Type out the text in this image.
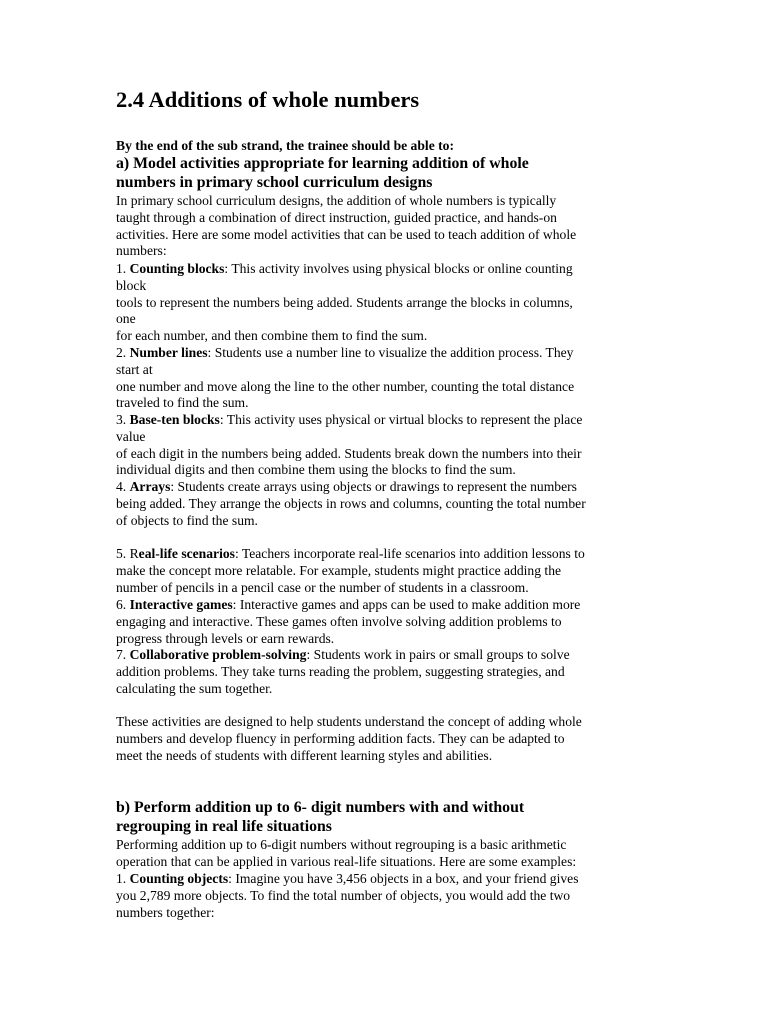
2.4 Additions of whole numbers

By the end of the sub strand, the trainee should be able to:

a) Model activities appropriate for learning addition of whole
numbers in primary school curriculum designs
In primary school curriculum designs, the addition of whole numbers is typically
taught through a combination of direct instruction, guided practice, and hands-on
activities. Here are some model activities that can be used to teach addition of whole
numbers:
1. Counting blocks: This activity involves using physical blocks or online counting
block
tools to represent the numbers being added. Students arrange the blocks in columns,
one
for each number, and then combine them to find the sum.
2. Number lines: Students use a number line to visualize the addition process. They
start at
one number and move along the line to the other number, counting the total distance
traveled to find the sum.
3. Base-ten blocks: This activity uses physical or virtual blocks to represent the place
value
of each digit in the numbers being added. Students break down the numbers into their
individual digits and then combine them using the blocks to find the sum.
4. Arrays: Students create arrays using objects or drawings to represent the numbers
being added. They arrange the objects in rows and columns, counting the total number
of objects to find the sum.
5. Real-life scenarios: Teachers incorporate real-life scenarios into addition lessons to
make the concept more relatable. For example, students might practice adding the
number of pencils in a pencil case or the number of students in a classroom.
6. Interactive games: Interactive games and apps can be used to make addition more
engaging and interactive. These games often involve solving addition problems to
progress through levels or earn rewards.
7. Collaborative problem-solving: Students work in pairs or small groups to solve
addition problems. They take turns reading the problem, suggesting strategies, and
calculating the sum together.
These activities are designed to help students understand the concept of adding whole
numbers and develop fluency in performing addition facts. They can be adapted to
meet the needs of students with different learning styles and abilities.
b) Perform addition up to 6- digit numbers with and without
regrouping in real life situations
Performing addition up to 6-digit numbers without regrouping is a basic arithmetic
operation that can be applied in various real-life situations. Here are some examples:
1. Counting objects: Imagine you have 3,456 objects in a box, and your friend gives
you 2,789 more objects. To find the total number of objects, you would add the two
numbers together:
